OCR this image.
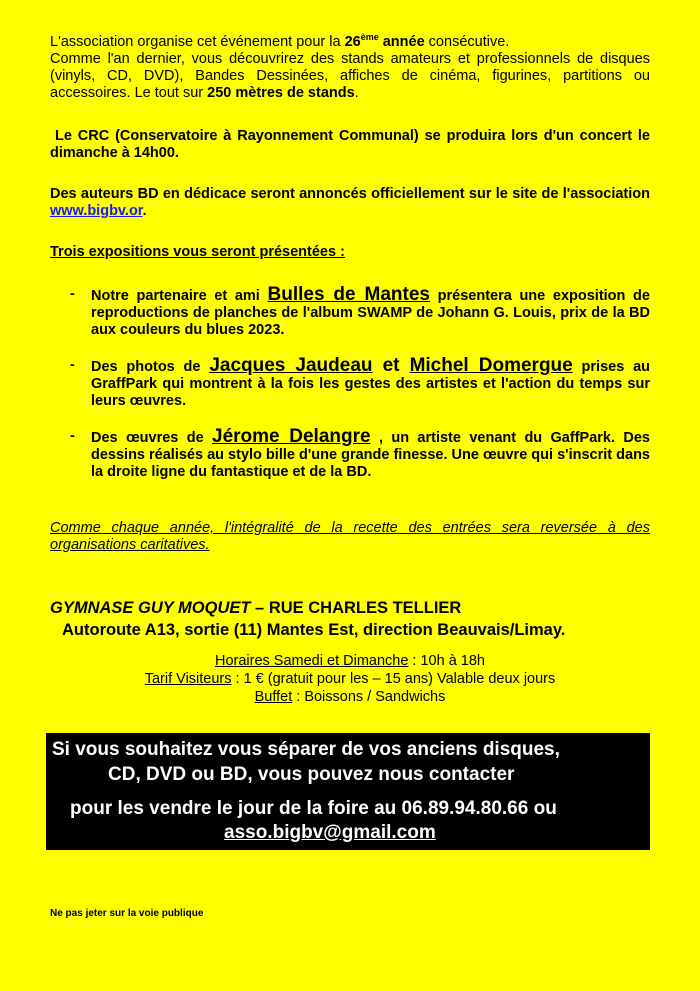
L'association organise cet événement pour la 26ème année consécutive.
Comme l'an dernier, vous découvrirez des stands amateurs et professionnels de disques (vinyls, CD, DVD), Bandes Dessinées, affiches de cinéma, figurines, partitions ou accessoires. Le tout sur 250 mètres de stands.
Le CRC (Conservatoire à Rayonnement Communal) se produira lors d'un concert le dimanche à 14h00.
Des auteurs BD en dédicace seront annoncés officiellement sur le site de l'association www.bigbv.or.
Trois expositions vous seront présentées :
- Notre partenaire et ami Bulles de Mantes présentera une exposition de reproductions de planches de l'album SWAMP de Johann G. Louis, prix de la BD aux couleurs du blues 2023.
- Des photos de Jacques Jaudeau et Michel Domergue prises au GraffPark qui montrent à la fois les gestes des artistes et l'action du temps sur leurs œuvres.
- Des œuvres de Jérome Delangre , un artiste venant du GaffPark. Des dessins réalisés au stylo bille d'une grande finesse. Une œuvre qui s'inscrit dans la droite ligne du fantastique et de la BD.
Comme chaque année, l'intégralité de la recette des entrées sera reversée à des organisations caritatives.
GYMNASE GUY MOQUET – RUE CHARLES TELLIER
Autoroute A13, sortie (11) Mantes Est, direction Beauvais/Limay.
Horaires Samedi et Dimanche : 10h à 18h
Tarif Visiteurs : 1 € (gratuit pour les – 15 ans) Valable deux jours
Buffet : Boissons / Sandwichs
Si vous souhaitez vous séparer de vos anciens disques,
CD, DVD ou BD, vous pouvez nous contacter
pour les vendre le jour de la foire au 06.89.94.80.66 ou
asso.bigbv@gmail.com
Ne pas jeter sur la voie publique
